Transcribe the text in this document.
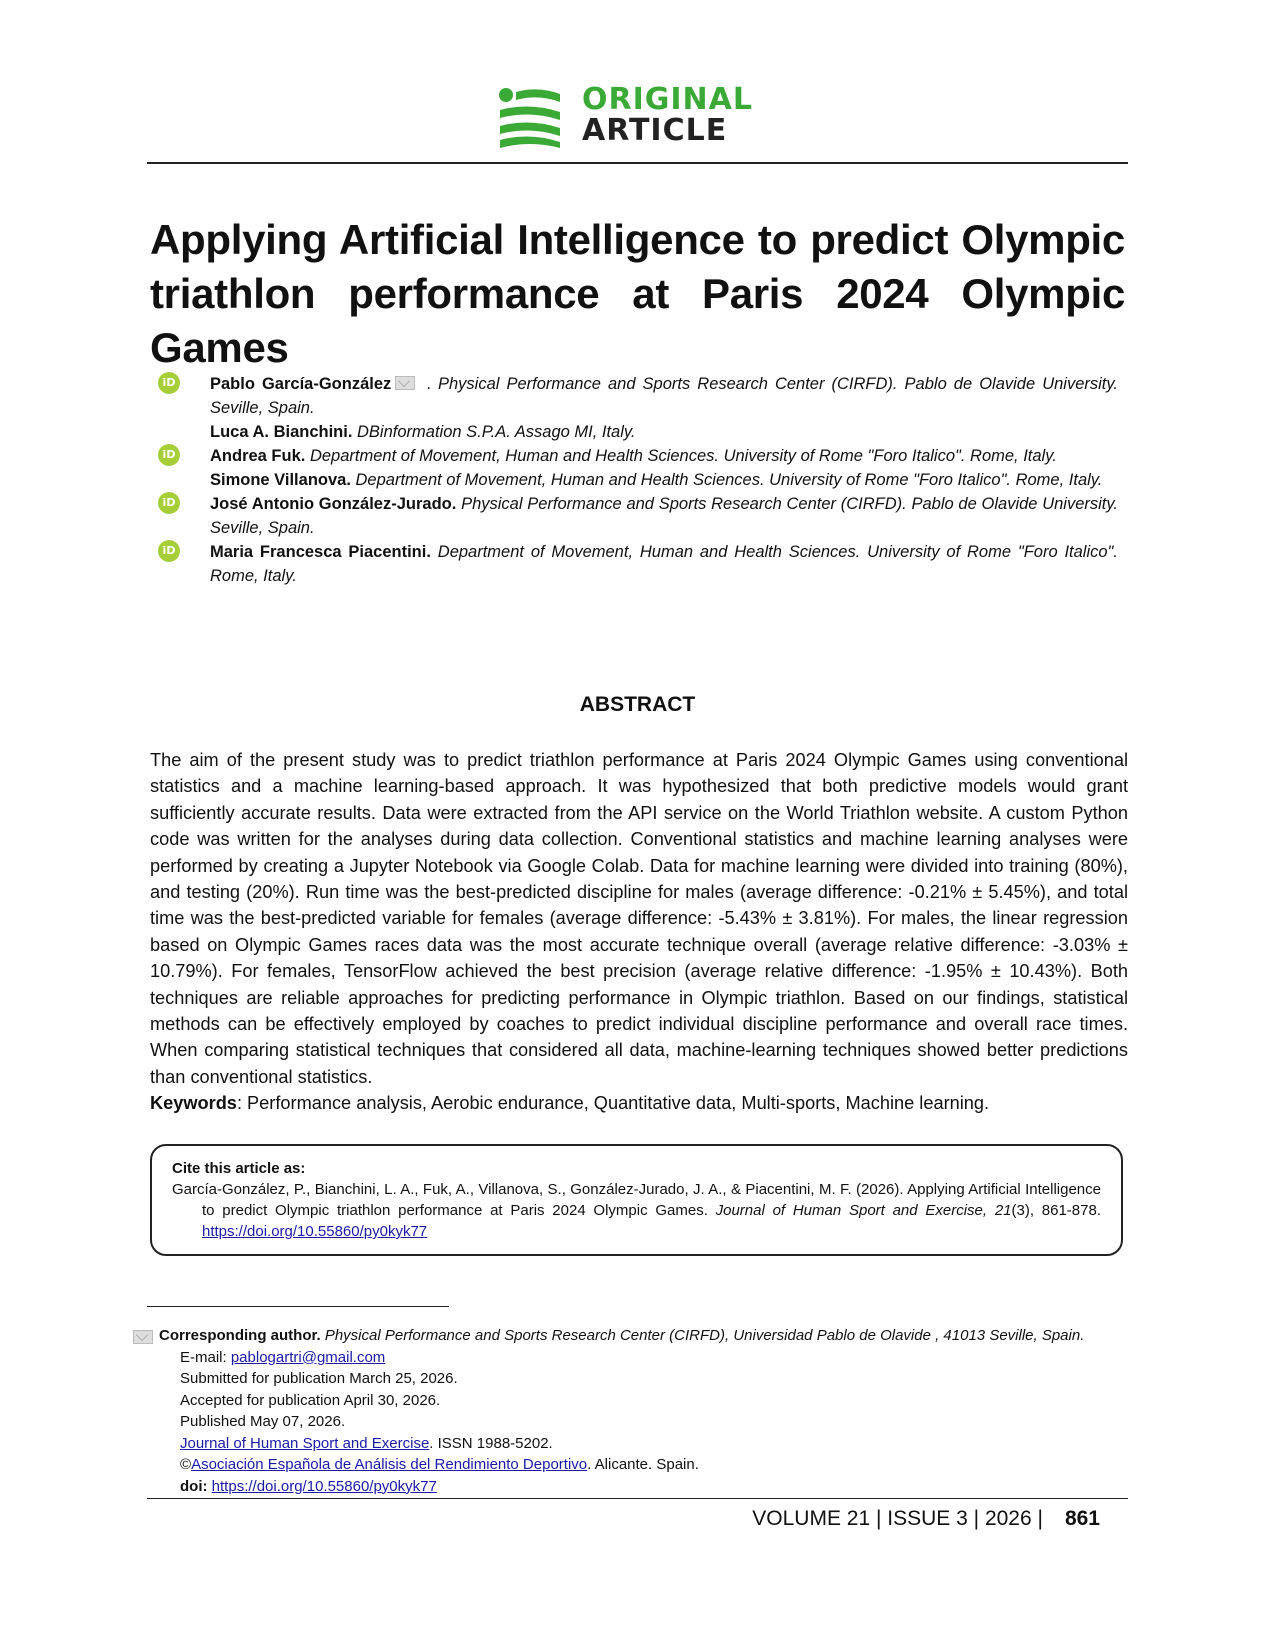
ORIGINAL
ARTICLE
Applying Artificial Intelligence to predict Olympic triathlon performance at Paris 2024 Olympic Games
iD Pablo García-González . Physical Performance and Sports Research Center (CIRFD). Pablo de Olavide University. Seville, Spain.
Luca A. Bianchini. DBinformation S.P.A. Assago MI, Italy.
iD Andrea Fuk. Department of Movement, Human and Health Sciences. University of Rome "Foro Italico". Rome, Italy.
Simone Villanova. Department of Movement, Human and Health Sciences. University of Rome "Foro Italico". Rome, Italy.
iD José Antonio González-Jurado. Physical Performance and Sports Research Center (CIRFD). Pablo de Olavide University. Seville, Spain.
iD Maria Francesca Piacentini. Department of Movement, Human and Health Sciences. University of Rome "Foro Italico". Rome, Italy.
ABSTRACT

The aim of the present study was to predict triathlon performance at Paris 2024 Olympic Games using conventional statistics and a machine learning-based approach. It was hypothesized that both predictive models would grant sufficiently accurate results. Data were extracted from the API service on the World Triathlon website. A custom Python code was written for the analyses during data collection. Conventional statistics and machine learning analyses were performed by creating a Jupyter Notebook via Google Colab. Data for machine learning were divided into training (80%), and testing (20%). Run time was the best-predicted discipline for males (average difference: -0.21% ± 5.45%), and total time was the best-predicted variable for females (average difference: -5.43% ± 3.81%). For males, the linear regression based on Olympic Games races data was the most accurate technique overall (average relative difference: -3.03% ± 10.79%). For females, TensorFlow achieved the best precision (average relative difference: -1.95% ± 10.43%). Both techniques are reliable approaches for predicting performance in Olympic triathlon. Based on our findings, statistical methods can be effectively employed by coaches to predict individual discipline performance and overall race times. When comparing statistical techniques that considered all data, machine-learning techniques showed better predictions than conventional statistics.

Keywords: Performance analysis, Aerobic endurance, Quantitative data, Multi-sports, Machine learning.
Cite this article as:
García-González, P., Bianchini, L. A., Fuk, A., Villanova, S., González-Jurado, J. A., & Piacentini, M. F. (2026). Applying Artificial Intelligence to predict Olympic triathlon performance at Paris 2024 Olympic Games. Journal of Human Sport and Exercise, 21(3), 861-878. https://doi.org/10.55860/py0kyk77
Corresponding author. Physical Performance and Sports Research Center (CIRFD), Universidad Pablo de Olavide , 41013 Seville, Spain.
E-mail: pablogartri@gmail.com
Submitted for publication March 25, 2026.
Accepted for publication April 30, 2026.
Published May 07, 2026.
Journal of Human Sport and Exercise. ISSN 1988-5202.
©Asociación Española de Análisis del Rendimiento Deportivo. Alicante. Spain.
doi: https://doi.org/10.55860/py0kyk77
VOLUME 21 | ISSUE 3 | 2026 | 861
